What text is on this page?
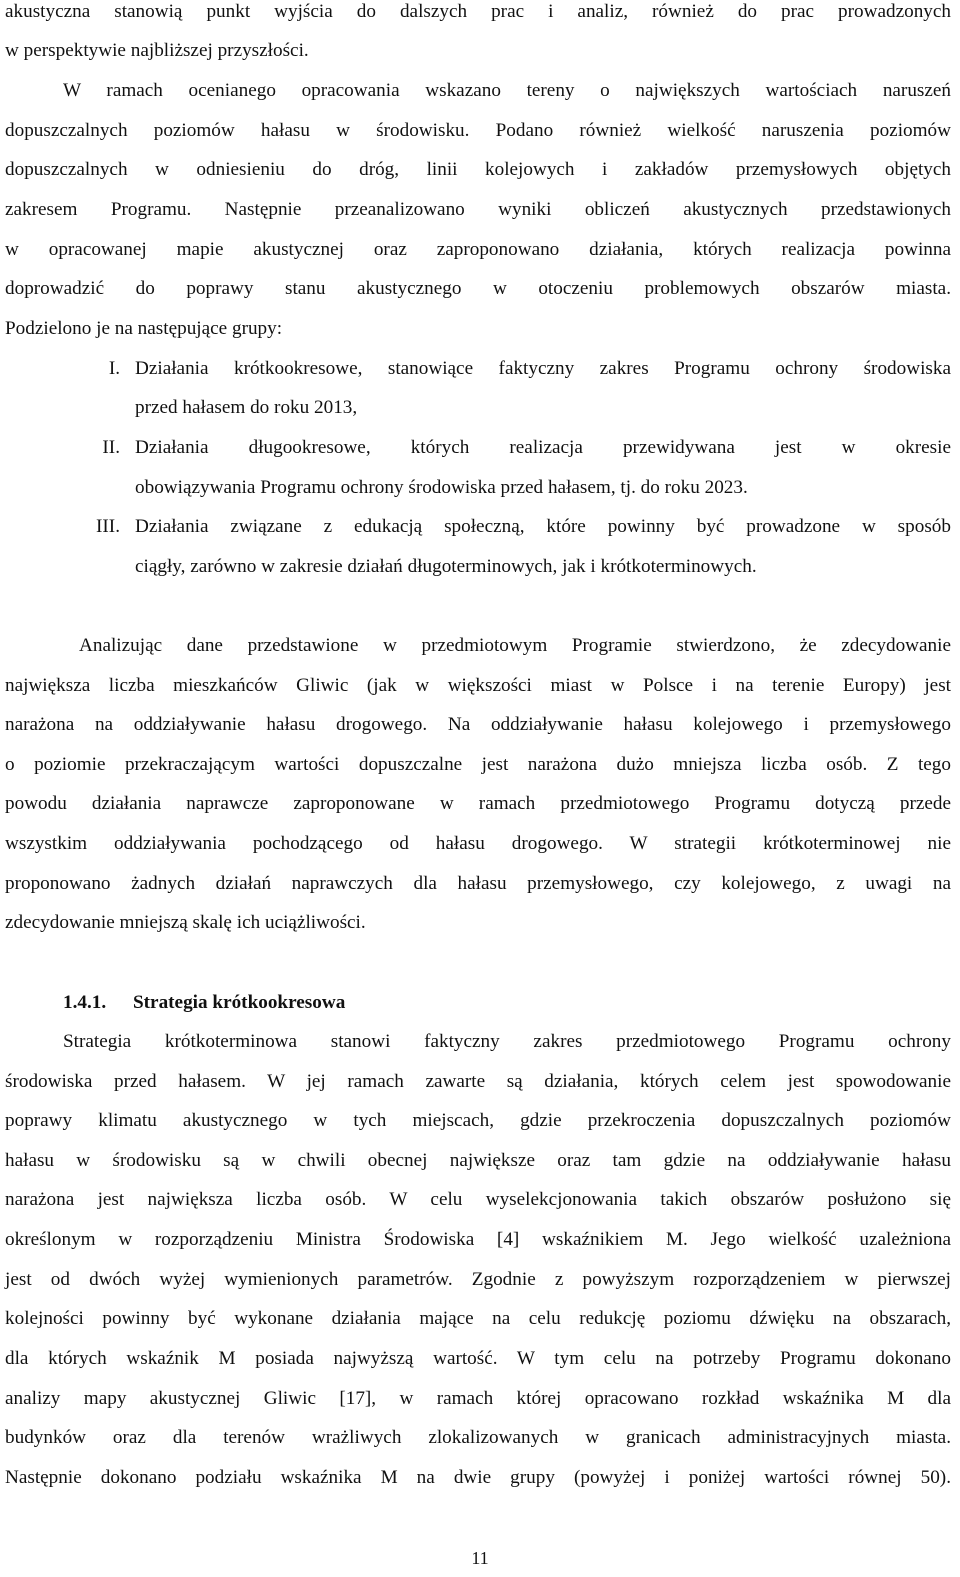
akustyczna stanowią punkt wyjścia do dalszych prac i analiz, również do prac prowadzonych
w perspektywie najbliższej przyszłości.
W ramach ocenianego opracowania wskazano tereny o największych wartościach naruszeń
dopuszczalnych poziomów hałasu w środowisku. Podano również wielkość naruszenia poziomów
dopuszczalnych w odniesieniu do dróg, linii kolejowych i zakładów przemysłowych objętych
zakresem Programu. Następnie przeanalizowano wyniki obliczeń akustycznych przedstawionych
w opracowanej mapie akustycznej oraz zaproponowano działania, których realizacja powinna
doprowadzić do poprawy stanu akustycznego w otoczeniu problemowych obszarów miasta.
Podzielono je na następujące grupy:
I. Działania krótkookresowe, stanowiące faktyczny zakres Programu ochrony środowiska
przed hałasem do roku 2013,
II. Działania długookresowe, których realizacja przewidywana jest w okresie
obowiązywania Programu ochrony środowiska przed hałasem, tj. do roku 2023.
III. Działania związane z edukacją społeczną, które powinny być prowadzone w sposób
ciągły, zarówno w zakresie działań długoterminowych, jak i krótkoterminowych.
Analizując dane przedstawione w przedmiotowym Programie stwierdzono, że zdecydowanie
największa liczba mieszkańców Gliwic (jak w większości miast w Polsce i na terenie Europy) jest
narażona na oddziaływanie hałasu drogowego. Na oddziaływanie hałasu kolejowego i przemysłowego
o poziomie przekraczającym wartości dopuszczalne jest narażona dużo mniejsza liczba osób. Z tego
powodu działania naprawcze zaproponowane w ramach przedmiotowego Programu dotyczą przede
wszystkim oddziaływania pochodzącego od hałasu drogowego. W strategii krótkoterminowej nie
proponowano żadnych działań naprawczych dla hałasu przemysłowego, czy kolejowego, z uwagi na
zdecydowanie mniejszą skalę ich uciążliwości.
1.4.1. Strategia krótkookresowa
Strategia krótkoterminowa stanowi faktyczny zakres przedmiotowego Programu ochrony
środowiska przed hałasem. W jej ramach zawarte są działania, których celem jest spowodowanie
poprawy klimatu akustycznego w tych miejscach, gdzie przekroczenia dopuszczalnych poziomów
hałasu w środowisku są w chwili obecnej największe oraz tam gdzie na oddziaływanie hałasu
narażona jest największa liczba osób. W celu wyselekcjonowania takich obszarów posłużono się
określonym w rozporządzeniu Ministra Środowiska [4] wskaźnikiem M. Jego wielkość uzależniona
jest od dwóch wyżej wymienionych parametrów. Zgodnie z powyższym rozporządzeniem w pierwszej
kolejności powinny być wykonane działania mające na celu redukcję poziomu dźwięku na obszarach,
dla których wskaźnik M posiada najwyższą wartość. W tym celu na potrzeby Programu dokonano
analizy mapy akustycznej Gliwic [17], w ramach której opracowano rozkład wskaźnika M dla
budynków oraz dla terenów wrażliwych zlokalizowanych w granicach administracyjnych miasta.
Następnie dokonano podziału wskaźnika M na dwie grupy (powyżej i poniżej wartości równej 50).
11
